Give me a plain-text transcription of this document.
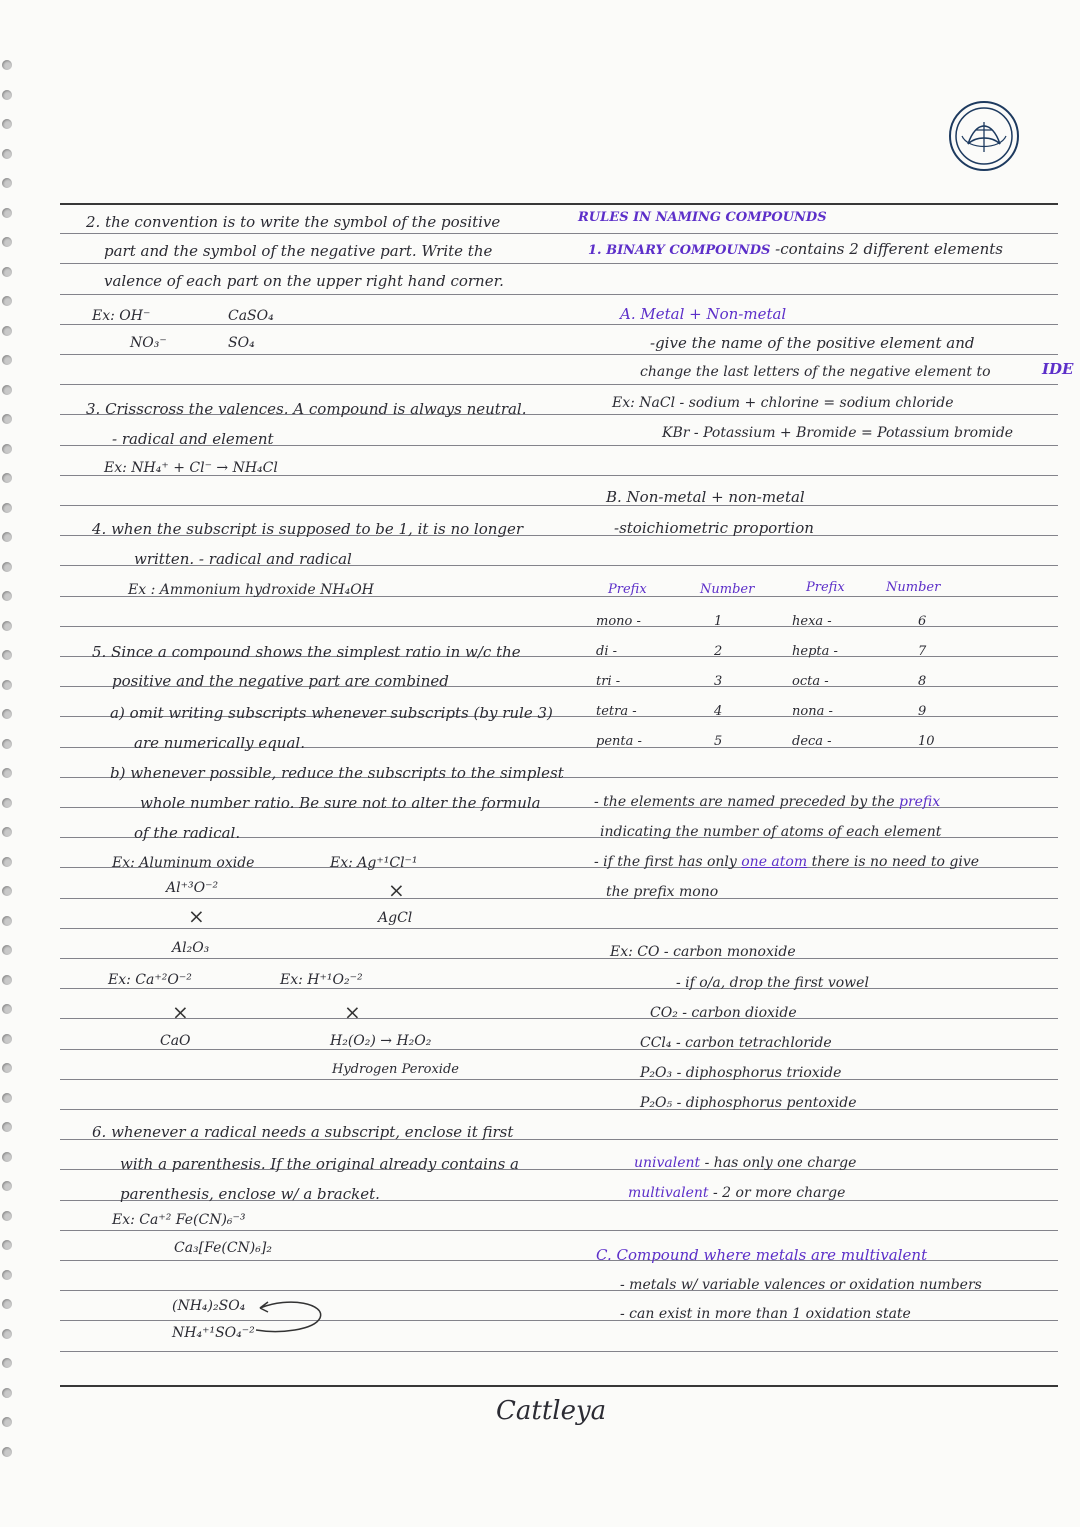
2. the convention is to write the symbol of the positive
part and the symbol of the negative part. Write the
valence of each part on the upper right hand corner.
Ex: OH⁻	CaSO₄
NO₃⁻	SO₄
3. Crisscross the valences. A compound is always neutral.
- radical and element
Ex: NH₄⁺ + Cl⁻ → NH₄Cl
4. when the subscript is supposed to be 1, it is no longer
written. - radical and radical
Ex : Ammonium hydroxide NH₄OH
5. Since a compound shows the simplest ratio in w/c the
positive and the negative part are combined
a) omit writing subscripts whenever subscripts (by rule 3)
are numerically equal.
b) whenever possible, reduce the subscripts to the simplest
whole number ratio. Be sure not to alter the formula
of the radical.
Ex: Aluminum oxide
Al⁺³O⁻²
×
Al₂O₃
Ex: Ag⁺¹Cl⁻¹
×
AgCl
Ex: Ca⁺²O⁻²
×
CaO
Ex: H⁺¹O₂⁻²
×
H₂(O₂) → H₂O₂
Hydrogen Peroxide
6. whenever a radical needs a subscript, enclose it first
with a parenthesis. If the original already contains a
parenthesis, enclose w/ a bracket.
Ex: Ca⁺² Fe(CN)₆⁻³
Ca₃[Fe(CN)₆]₂
(NH₄)₂SO₄
NH₄⁺¹SO₄⁻²
RULES IN NAMING COMPOUNDS
1. BINARY COMPOUNDS -contains 2 different elements
A. Metal + Non-metal
-give the name of the positive element and
change the last letters of the negative element to	IDE
Ex: NaCl - sodium + chlorine = sodium chloride
KBr - Potassium + Bromide = Potassium bromide
B. Non-metal + non-metal
-stoichiometric proportion
Prefix	Number	Prefix	Number
mono -	1	hexa -	6
di -	2	hepta -	7
tri -	3	octa -	8
tetra -	4	nona -	9
penta -	5	deca -	10
- the elements are named preceded by the prefix
indicating the number of atoms of each element
- if the first has only one atom there is no need to give
the prefix mono
Ex: CO - carbon monoxide
- if o/a, drop the first vowel
CO₂ - carbon dioxide
CCl₄ - carbon tetrachloride
P₂O₃ - diphosphorus trioxide
P₂O₅ - diphosphorus pentoxide
univalent - has only one charge
multivalent - 2 or more charge
C. Compound where metals are multivalent
- metals w/ variable valences or oxidation numbers
- can exist in more than 1 oxidation state
Cattleya
